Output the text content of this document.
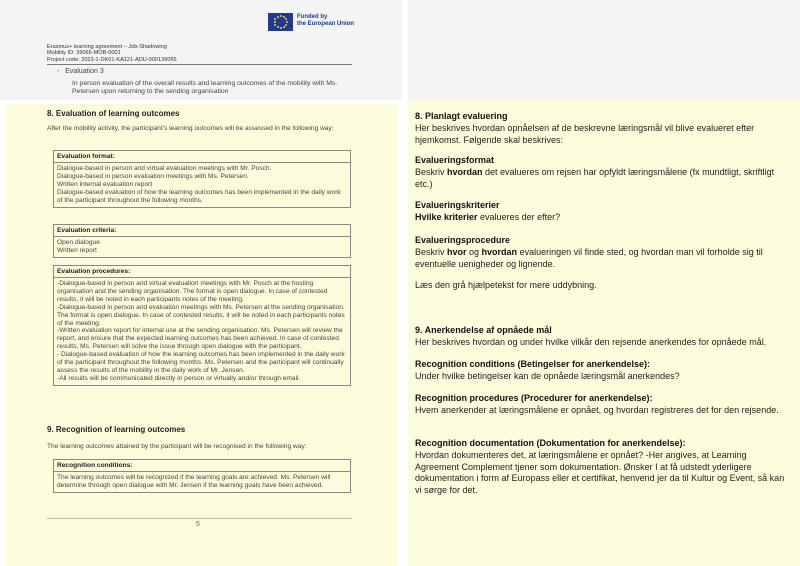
Funded by
the European Union
Erasmus+ learning agreement – Job-Shadowing
Mobility ID: 39065-MOB-0001
Project code: 2023-1-DK01-KA121-ADU-000139065
- Evaluation 3
In person evaluation of the overall results and learning outcomes of the mobility with Ms. Petersen upon returning to the sending organisation
8. Evaluation of learning outcomes
After the mobility activity, the participant's learning outcomes will be assessed in the following way:
Evaluation format:
Dialogue-based in person and virtual evaluation meetings with Mr. Posch.
Dialogue-based in person evaluation meetings with Ms. Petersen.
Written internal evaluation report
Dialogue-based evaluation of how the learning outcomes has been implemented in the daily work of the participant throughout the following months.
Evaluation criteria:
Open dialogue
Written report
Evaluation procedures:
-Dialogue-based in person and virtual evaluation meetings with Mr. Posch at the hosting organisation and the sending organisation. The format is open dialogue. In case of contested results, it will be noted in each participants notes of the meeting.
-Dialogue-based in person and evaluation meetings with Ms. Petersen at the sending organisation. The format is open dialogue. In case of contested results, it will be noted in each participants notes of the meeting.
-Written evaluation report for internal use at the sending organisation. Ms. Petersen will review the report, and ensure that the expected learning outcomes has been achieved. In case of contested results, Ms. Petersen will solve the issue through open dialogue with the participant.
- Dialogue-based evaluation of how the learning outcomes has been implemented in the daily work of the participant throughout the following months. Ms. Petersen and the participant will continually assess the results of the mobility in the daily work of Mr. Jensen.
-All results will be communicated directly in person or virtually and/or through email.
9. Recognition of learning outcomes
The learning outcomes attained by the participant will be recognised in the following way:
Recognition conditions:
The learning outcomes will be recognized if the learning goals are achieved. Ms. Petersen will determine through open dialogue with Mr. Jensen if the learning goals have been achieved.
5
8. Planlagt evaluering
Her beskrives hvordan opnåelsen af de beskrevne læringsmål vil blive evalueret efter hjemkomst. Følgende skal beskrives:
Evalueringsformat
Beskriv hvordan det evalueres om rejsen har opfyldt læringsmålene (fx mundtligt, skriftligt etc.)
Evalueringskriterier
Hvilke kriterier evalueres der efter?
Evalueringsprocedure
Beskriv hvor og hvordan evalueringen vil finde sted, og hvordan man vil forholde sig til eventuelle uenigheder og lignende.
Læs den grå hjælpetekst for mere uddybning.
9. Anerkendelse af opnåede mål
Her beskrives hvordan og under hvilke vilkår den rejsende anerkendes for opnåede mål.
Recognition conditions (Betingelser for anerkendelse):
Under hvilke betingelser kan de opnåede læringsmål anerkendes?
Recognition procedures (Procedurer for anerkendelse):
Hvem anerkender at læringsmålene er opnået, og hvordan registreres det for den rejsende.
Recognition documentation (Dokumentation for anerkendelse):
Hvordan dokumenteres det, at læringsmålene er opnået? -Her angives, at Learning Agreement Complement tjener som dokumentation. Ønsker I at få udstedt yderligere dokumentation i form af Europass eller et certifikat, henvend jer da til Kultur og Event, så kan vi sørge for det.
